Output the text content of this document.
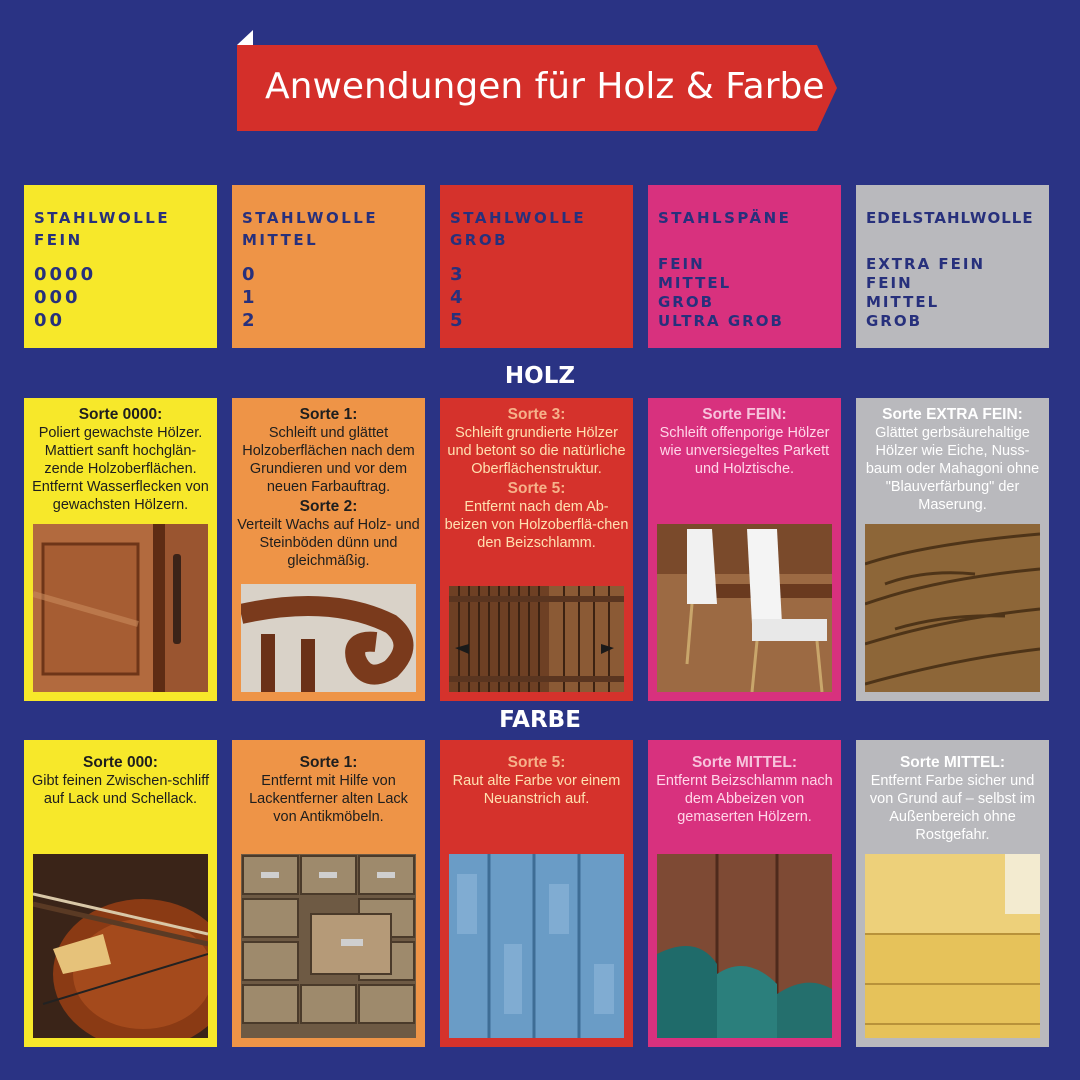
Anwendungen für Holz & Farbe
STAHLWOLLE
FEIN
0000
000
00
STAHLWOLLE
MITTEL
0
1
2
STAHLWOLLE
GROB
3
4
5
STAHLSPÄNE
FEIN
MITTEL
GROB
ULTRA GROB
EDELSTAHLWOLLE
EXTRA FEIN
FEIN
MITTEL
GROB
HOLZ
Sorte 0000:
Poliert gewachste Hölzer. Mattiert sanft hochglän-zende Holzoberflächen. Entfernt Wasserflecken von gewachsten Hölzern.
Sorte 1:
Schleift und glättet Holzoberflächen nach dem Grundieren und vor dem neuen Farbauftrag.
Sorte 2:
Verteilt Wachs auf Holz- und Steinböden dünn und gleichmäßig.
Sorte 3:
Schleift grundierte Hölzer und betont so die natürliche Oberflächenstruktur.
Sorte 5:
Entfernt nach dem Ab-beizen von Holzoberflä-chen den Beizschlamm.
Sorte FEIN:
Schleift offenporige Hölzer wie unversiegeltes Parkett und Holztische.
Sorte EXTRA FEIN:
Glättet gerbsäurehaltige Hölzer wie Eiche, Nuss-baum oder Mahagoni ohne "Blauverfärbung" der Maserung.
FARBE
Sorte 000:
Gibt feinen Zwischen-schliff auf Lack und Schellack.
Sorte 1:
Entfernt mit Hilfe von Lackentferner alten Lack von Antikmöbeln.
Sorte 5:
Raut alte Farbe vor einem Neuanstrich auf.
Sorte MITTEL:
Entfernt Beizschlamm nach dem Abbeizen von gemaserten Hölzern.
Sorte MITTEL:
Entfernt Farbe sicher und von Grund auf – selbst im Außenbereich ohne Rostgefahr.
